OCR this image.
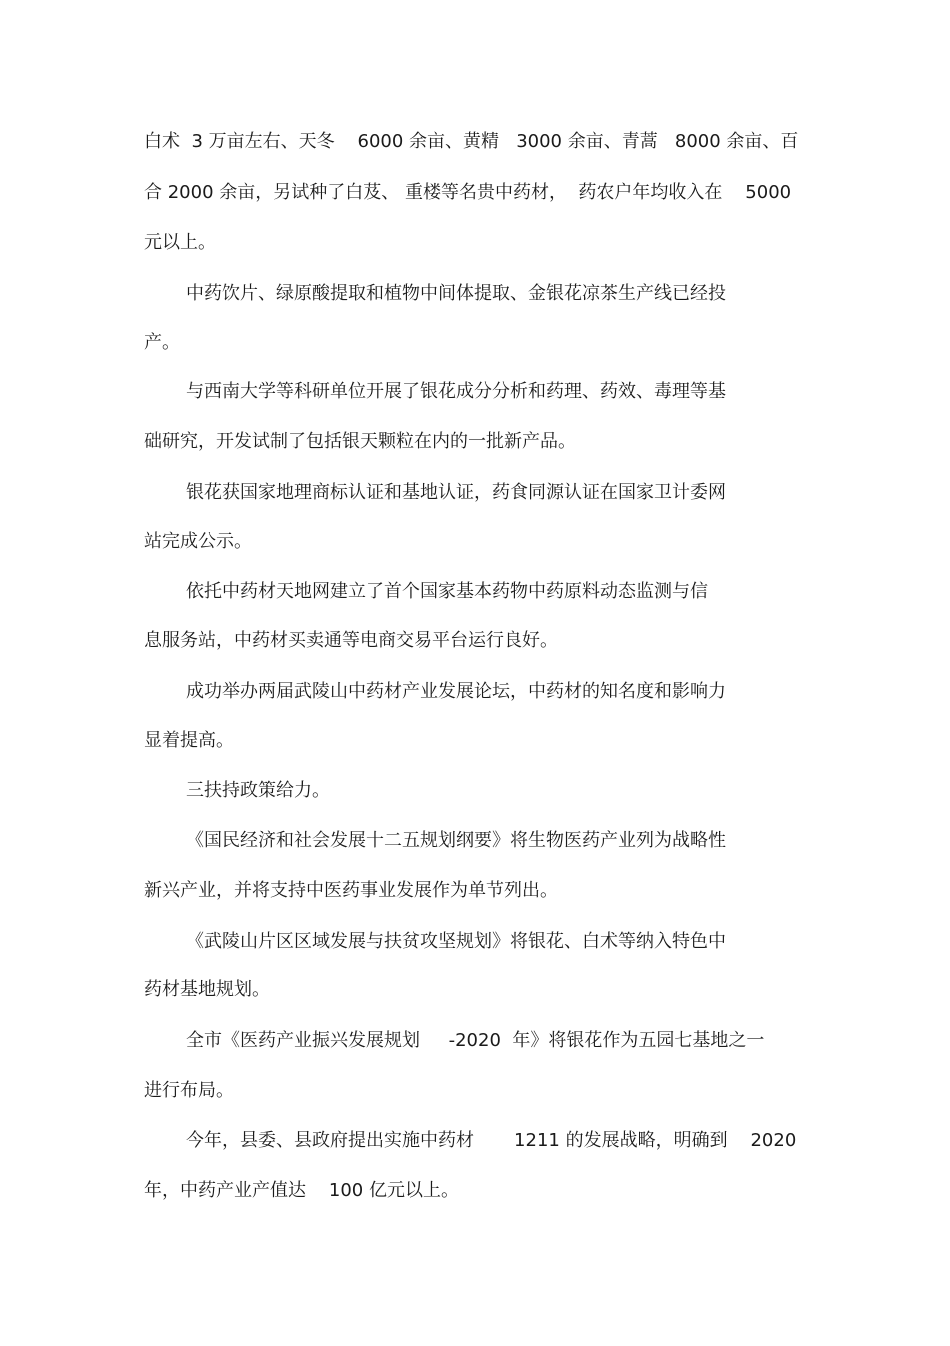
白术  3 万亩左右、天冬    6000 余亩、黄精   3000 余亩、青蒿   8000 余亩、百
合 2000 余亩，另试种了白芨、 重楼等名贵中药材，  药农户年均收入在    5000
元以上。
中药饮片、绿原酸提取和植物中间体提取、金银花凉茶生产线已经投
产。
与西南大学等科研单位开展了银花成分分析和药理、药效、毒理等基
础研究，开发试制了包括银天颗粒在内的一批新产品。
银花获国家地理商标认证和基地认证，药食同源认证在国家卫计委网
站完成公示。
依托中药材天地网建立了首个国家基本药物中药原料动态监测与信
息服务站，中药材买卖通等电商交易平台运行良好。
成功举办两届武陵山中药材产业发展论坛，中药材的知名度和影响力
显着提高。
三扶持政策给力。
《国民经济和社会发展十二五规划纲要》将生物医药产业列为战略性
新兴产业，并将支持中医药事业发展作为单节列出。
《武陵山片区区域发展与扶贫攻坚规划》将银花、白术等纳入特色中
药材基地规划。
全市《医药产业振兴发展规划     -2020  年》将银花作为五园七基地之一
进行布局。
今年，县委、县政府提出实施中药材       1211 的发展战略，明确到    2020
年，中药产业产值达    100 亿元以上。
